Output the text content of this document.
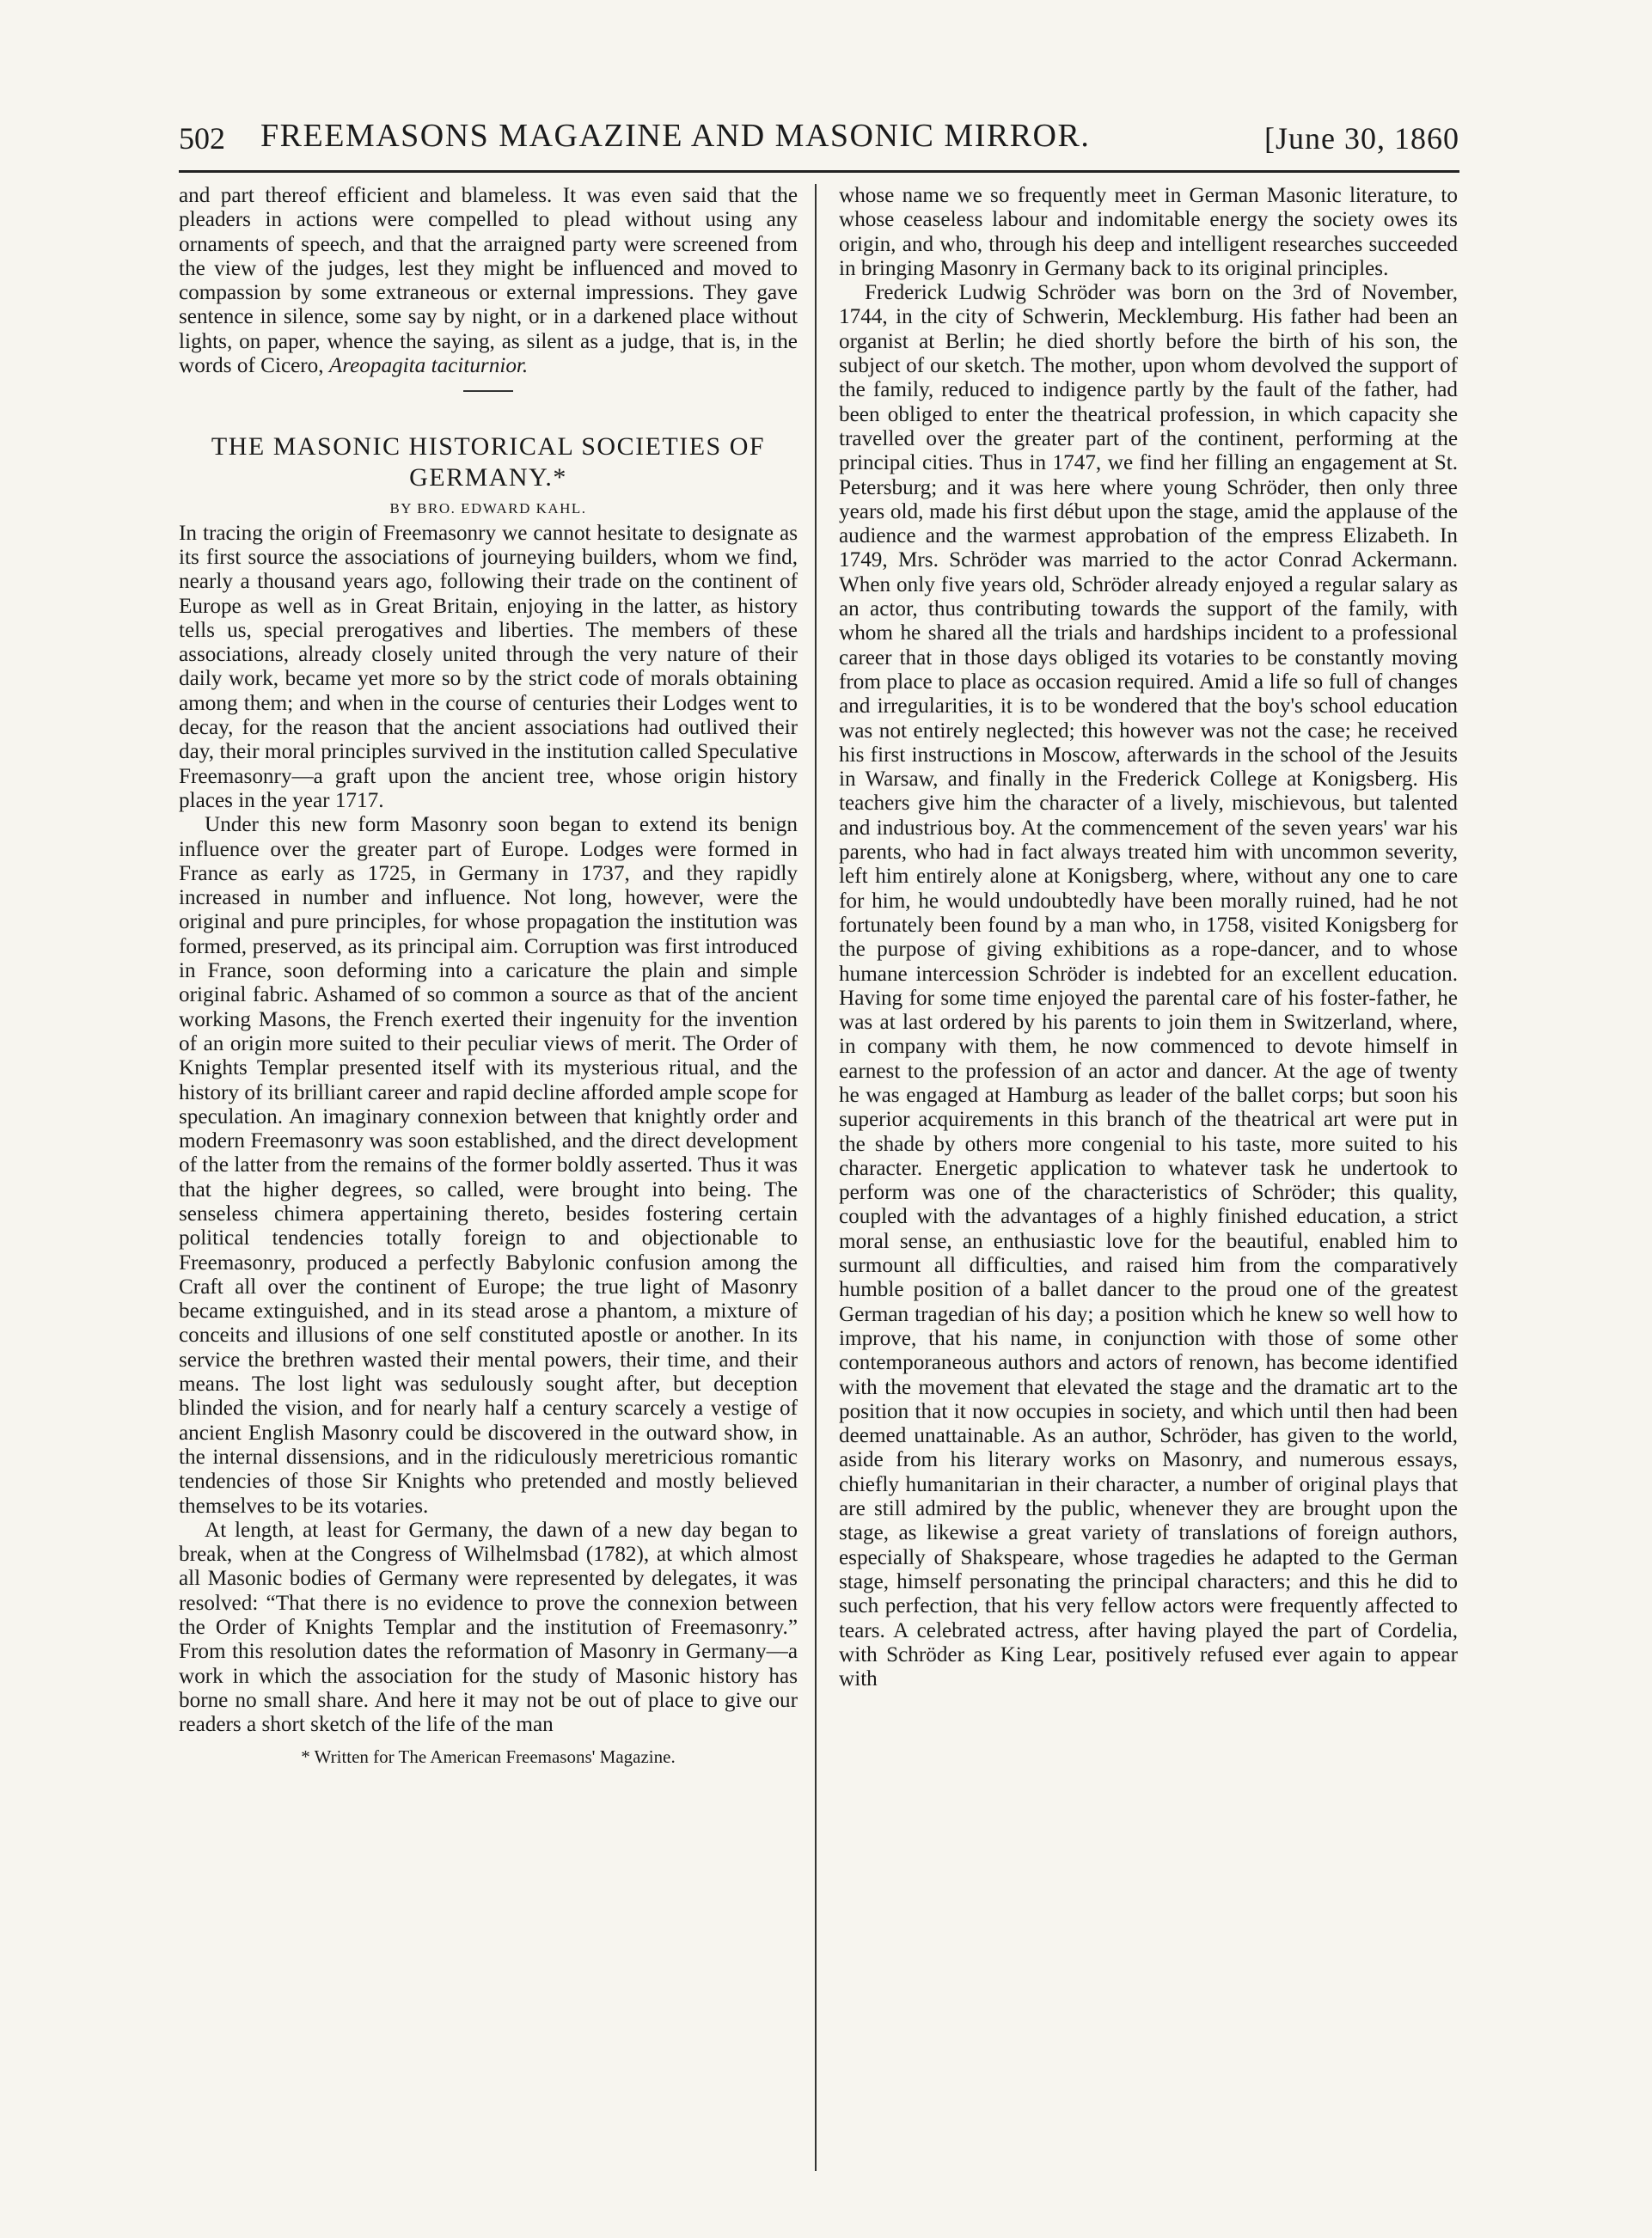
502 FREEMASONS MAGAZINE AND MASONIC MIRROR.	[June 30, 1860

and part thereof efficient and blameless. It was even said that the pleaders in actions were compelled to plead without using any ornaments of speech, and that the arraigned party were screened from the view of the judges, lest they might be influenced and moved to compassion by some extraneous or external impressions. They gave sentence in silence, some say by night, or in a darkened place without lights, on paper, whence the saying, as silent as a judge, that is, in the words of Cicero, Areopagita taciturnior.

THE MASONIC HISTORICAL SOCIETIES OF GERMANY.*
BY BRO. EDWARD KAHL.

In tracing the origin of Freemasonry we cannot hesitate to designate as its first source the associations of journeying builders, whom we find, nearly a thousand years ago, following their trade on the continent of Europe as well as in Great Britain, enjoying in the latter, as history tells us, special prerogatives and liberties. The members of these associations, already closely united through the very nature of their daily work, became yet more so by the strict code of morals obtaining among them; and when in the course of centuries their Lodges went to decay, for the reason that the ancient associations had outlived their day, their moral principles survived in the institution called Speculative Freemasonry—a graft upon the ancient tree, whose origin history places in the year 1717.

Under this new form Masonry soon began to extend its benign influence over the greater part of Europe. Lodges were formed in France as early as 1725, in Germany in 1737, and they rapidly increased in number and influence. Not long, however, were the original and pure principles, for whose propagation the institution was formed, preserved, as its principal aim. Corruption was first introduced in France, soon deforming into a caricature the plain and simple original fabric. Ashamed of so common a source as that of the ancient working Masons, the French exerted their ingenuity for the invention of an origin more suited to their peculiar views of merit. The Order of Knights Templar presented itself with its mysterious ritual, and the history of its brilliant career and rapid decline afforded ample scope for speculation. An imaginary connexion between that knightly order and modern Freemasonry was soon established, and the direct development of the latter from the remains of the former boldly asserted. Thus it was that the higher degrees, so called, were brought into being. The senseless chimera appertaining thereto, besides fostering certain political tendencies totally foreign to and objectionable to Freemasonry, produced a perfectly Babylonic confusion among the Craft all over the continent of Europe; the true light of Masonry became extinguished, and in its stead arose a phantom, a mixture of conceits and illusions of one self constituted apostle or another. In its service the brethren wasted their mental powers, their time, and their means. The lost light was sedulously sought after, but deception blinded the vision, and for nearly half a century scarcely a vestige of ancient English Masonry could be discovered in the outward show, in the internal dissensions, and in the ridiculously meretricious romantic tendencies of those Sir Knights who pretended and mostly believed themselves to be its votaries.

At length, at least for Germany, the dawn of a new day began to break, when at the Congress of Wilhelmsbad (1782), at which almost all Masonic bodies of Germany were represented by delegates, it was resolved: “That there is no evidence to prove the connexion between the Order of Knights Templar and the institution of Freemasonry.” From this resolution dates the reformation of Masonry in Germany—a work in which the association for the study of Masonic history has borne no small share. And here it may not be out of place to give our readers a short sketch of the life of the man

* Written for The American Freemasons' Magazine.

whose name we so frequently meet in German Masonic literature, to whose ceaseless labour and indomitable energy the society owes its origin, and who, through his deep and intelligent researches succeeded in bringing Masonry in Germany back to its original principles.

Frederick Ludwig Schröder was born on the 3rd of November, 1744, in the city of Schwerin, Mecklemburg. His father had been an organist at Berlin; he died shortly before the birth of his son, the subject of our sketch. The mother, upon whom devolved the support of the family, reduced to indigence partly by the fault of the father, had been obliged to enter the theatrical profession, in which capacity she travelled over the greater part of the continent, performing at the principal cities. Thus in 1747, we find her filling an engagement at St. Petersburg; and it was here where young Schröder, then only three years old, made his first début upon the stage, amid the applause of the audience and the warmest approbation of the empress Elizabeth. In 1749, Mrs. Schröder was married to the actor Conrad Ackermann. When only five years old, Schröder already enjoyed a regular salary as an actor, thus contributing towards the support of the family, with whom he shared all the trials and hardships incident to a professional career that in those days obliged its votaries to be constantly moving from place to place as occasion required. Amid a life so full of changes and irregularities, it is to be wondered that the boy's school education was not entirely neglected; this however was not the case; he received his first instructions in Moscow, afterwards in the school of the Jesuits in Warsaw, and finally in the Frederick College at Konigsberg. His teachers give him the character of a lively, mischievous, but talented and industrious boy. At the commencement of the seven years' war his parents, who had in fact always treated him with uncommon severity, left him entirely alone at Konigsberg, where, without any one to care for him, he would undoubtedly have been morally ruined, had he not fortunately been found by a man who, in 1758, visited Konigsberg for the purpose of giving exhibitions as a rope-dancer, and to whose humane intercession Schröder is indebted for an excellent education. Having for some time enjoyed the parental care of his foster-father, he was at last ordered by his parents to join them in Switzerland, where, in company with them, he now commenced to devote himself in earnest to the profession of an actor and dancer. At the age of twenty he was engaged at Hamburg as leader of the ballet corps; but soon his superior acquirements in this branch of the theatrical art were put in the shade by others more congenial to his taste, more suited to his character. Energetic application to whatever task he undertook to perform was one of the characteristics of Schröder; this quality, coupled with the advantages of a highly finished education, a strict moral sense, an enthusiastic love for the beautiful, enabled him to surmount all difficulties, and raised him from the comparatively humble position of a ballet dancer to the proud one of the greatest German tragedian of his day; a position which he knew so well how to improve, that his name, in conjunction with those of some other contemporaneous authors and actors of renown, has become identified with the movement that elevated the stage and the dramatic art to the position that it now occupies in society, and which until then had been deemed unattainable. As an author, Schröder, has given to the world, aside from his literary works on Masonry, and numerous essays, chiefly humanitarian in their character, a number of original plays that are still admired by the public, whenever they are brought upon the stage, as likewise a great variety of translations of foreign authors, especially of Shakspeare, whose tragedies he adapted to the German stage, himself personating the principal characters; and this he did to such perfection, that his very fellow actors were frequently affected to tears. A celebrated actress, after having played the part of Cordelia, with Schröder as King Lear, positively refused ever again to appear with
